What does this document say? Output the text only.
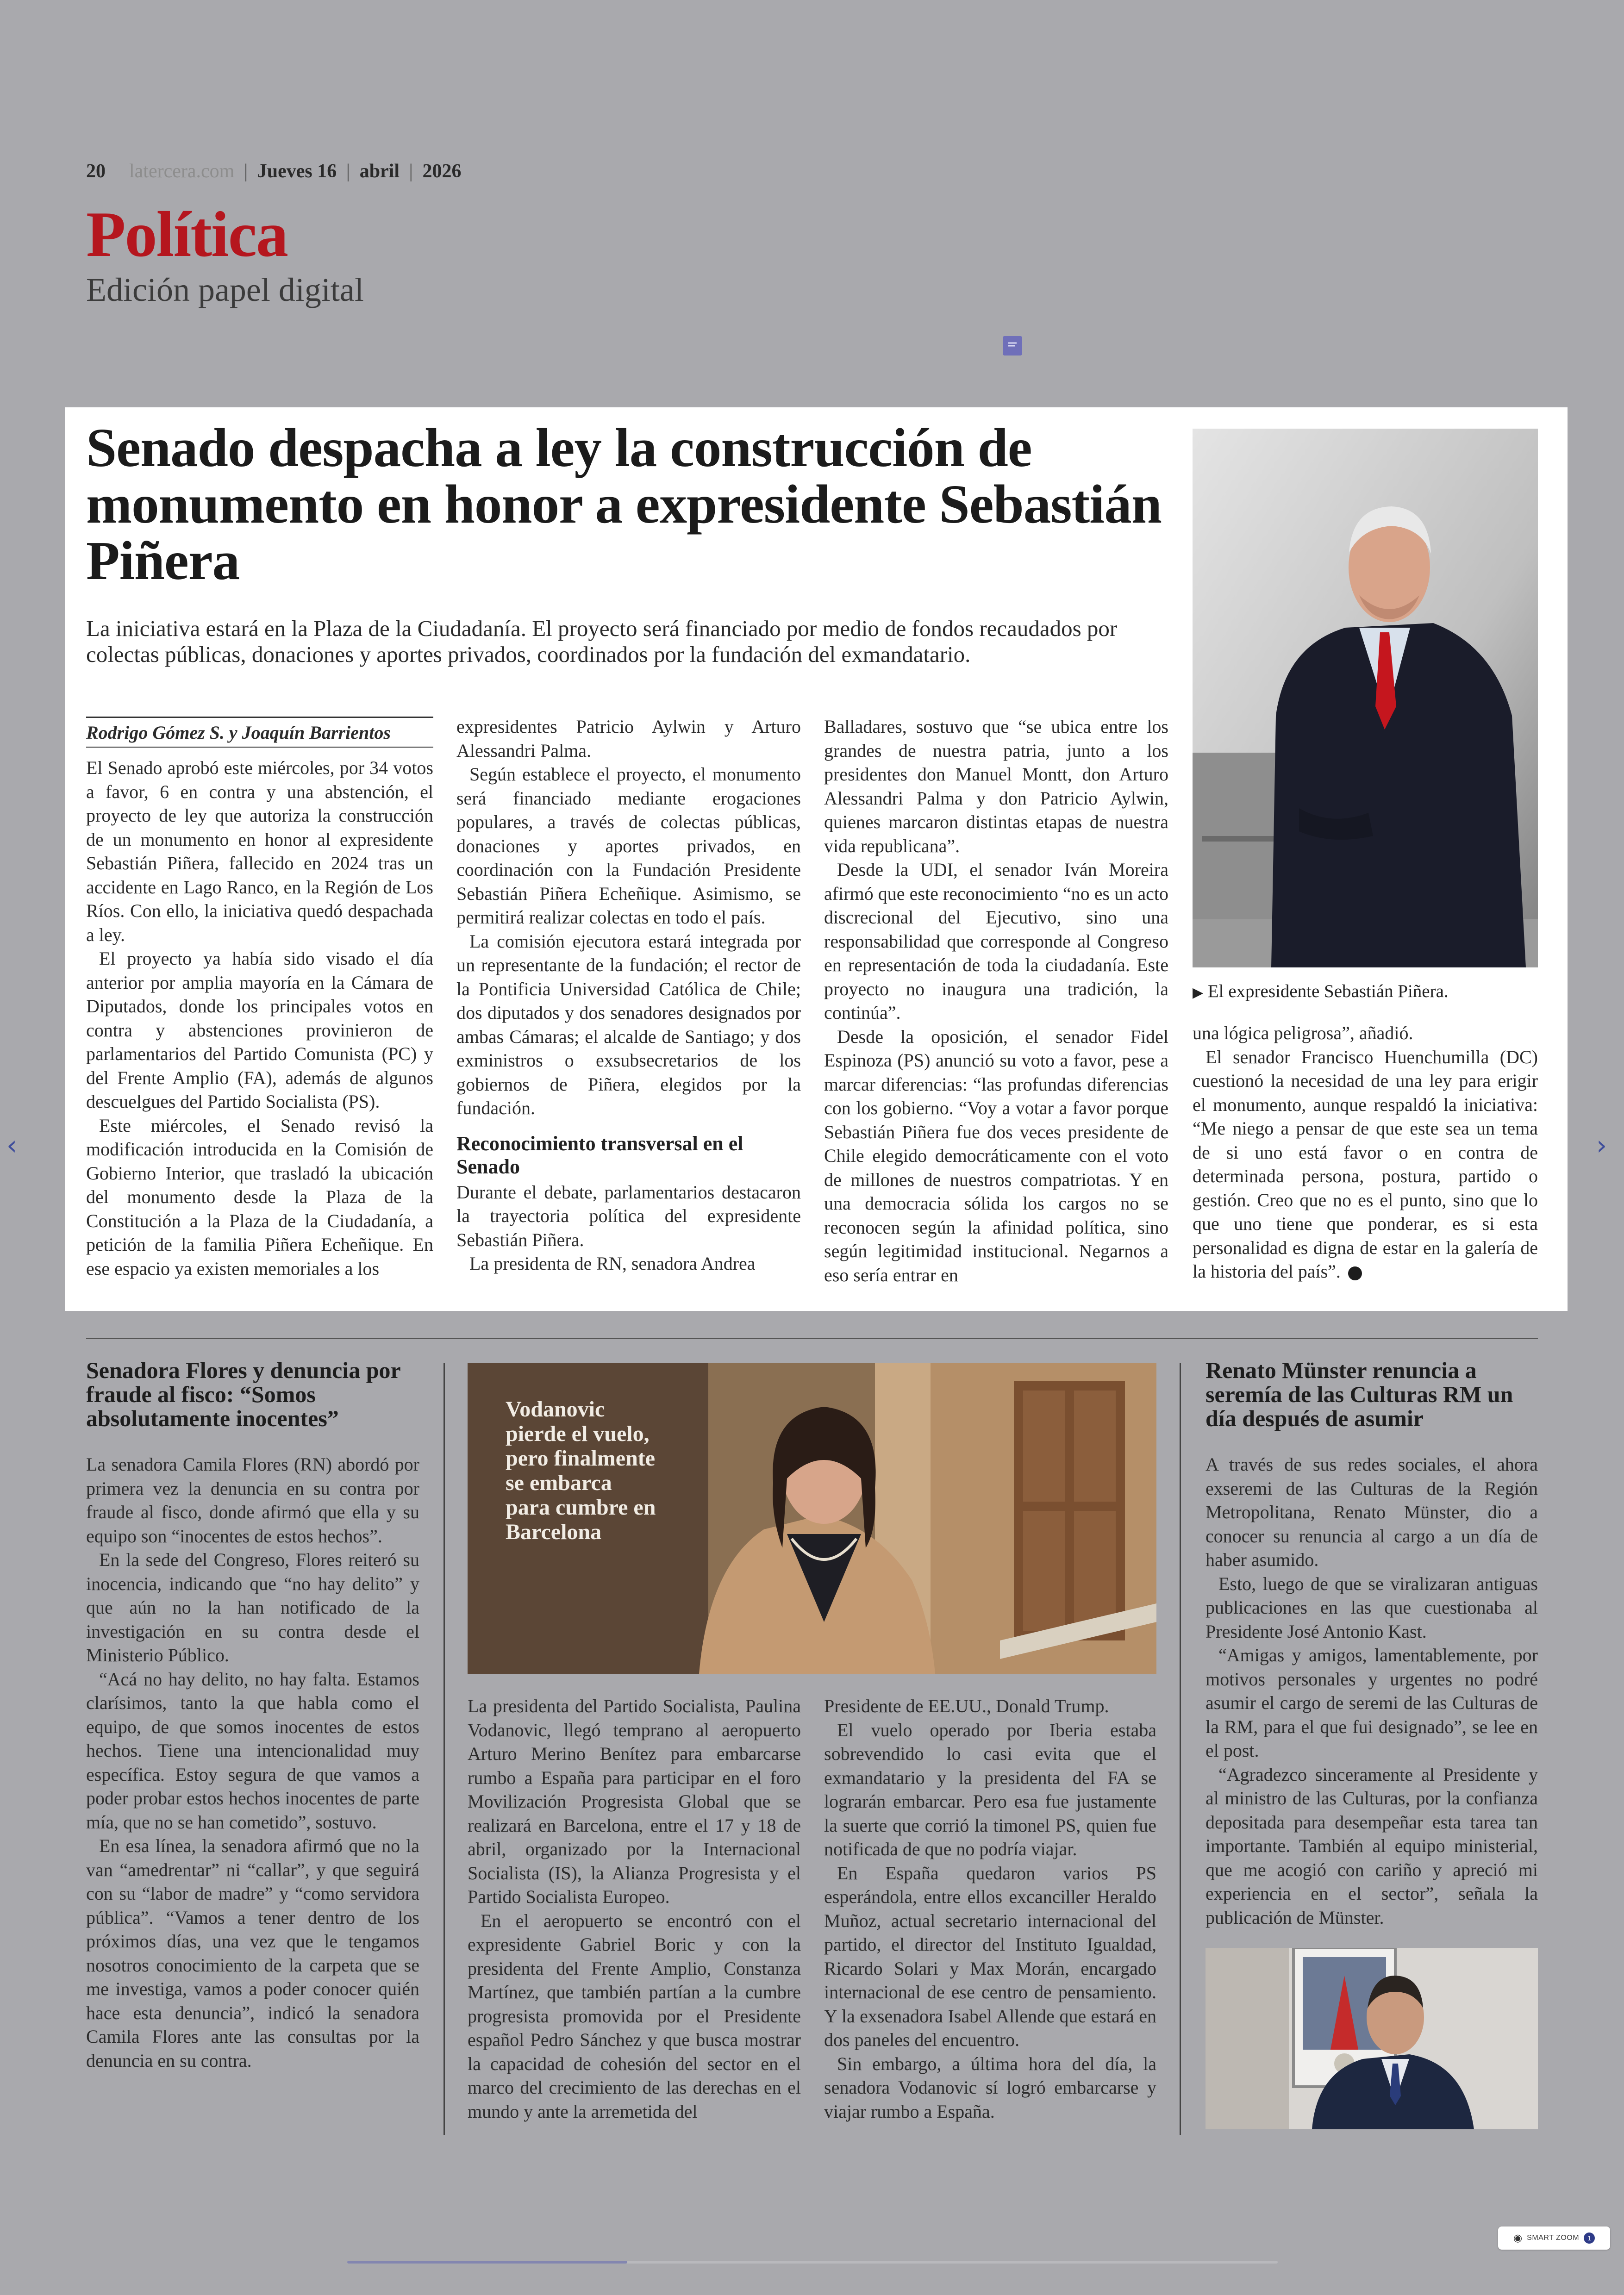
20 latercera.com | Jueves 16 | abril | 2026
Política
Edición papel digital
Senado despacha a ley la construcción de monumento en honor a expresidente Sebastián Piñera
La iniciativa estará en la Plaza de la Ciudadanía. El proyecto será financiado por medio de fondos recaudados por colectas públicas, donaciones y aportes privados, coordinados por la fundación del exmandatario.
Rodrigo Gómez S. y Joaquín Barrientos

El Senado aprobó este miércoles, por 34 votos a favor, 6 en contra y una abstención, el proyecto de ley que autoriza la construcción de un monumento en honor al expresidente Sebastián Piñera, fallecido en 2024 tras un accidente en Lago Ranco, en la Región de Los Ríos. Con ello, la iniciativa quedó despachada a ley.

El proyecto ya había sido visado el día anterior por amplia mayoría en la Cámara de Diputados, donde los principales votos en contra y abstenciones provinieron de parlamentarios del Partido Comunista (PC) y del Frente Amplio (FA), además de algunos descuelgues del Partido Socialista (PS).

Este miércoles, el Senado revisó la modificación introducida en la Comisión de Gobierno Interior, que trasladó la ubicación del monumento desde la Plaza de la Constitución a la Plaza de la Ciudadanía, a petición de la familia Piñera Echeñique. En ese espacio ya existen memoriales a los

expresidentes Patricio Aylwin y Arturo Alessandri Palma.

Según establece el proyecto, el monumento será financiado mediante erogaciones populares, a través de colectas públicas, donaciones y aportes privados, en coordinación con la Fundación Presidente Sebastián Piñera Echeñique. Asimismo, se permitirá realizar colectas en todo el país.

La comisión ejecutora estará integrada por un representante de la fundación; el rector de la Pontificia Universidad Católica de Chile; dos diputados y dos senadores designados por ambas Cámaras; el alcalde de Santiago; y dos exministros o exsubsecretarios de los gobiernos de Piñera, elegidos por la fundación.

Reconocimiento transversal en el Senado

Durante el debate, parlamentarios destacaron la trayectoria política del expresidente Sebastián Piñera.

La presidenta de RN, senadora Andrea

Balladares, sostuvo que “se ubica entre los grandes de nuestra patria, junto a los presidentes don Manuel Montt, don Arturo Alessandri Palma y don Patricio Aylwin, quienes marcaron distintas etapas de nuestra vida republicana”.

Desde la UDI, el senador Iván Moreira afirmó que este reconocimiento “no es un acto discrecional del Ejecutivo, sino una responsabilidad que corresponde al Congreso en representación de toda la ciudadanía. Este proyecto no inaugura una tradición, la continúa”.

Desde la oposición, el senador Fidel Espinoza (PS) anunció su voto a favor, pese a marcar diferencias: “las profundas diferencias con los gobierno. “Voy a votar a favor porque Sebastián Piñera fue dos veces presidente de Chile elegido democráticamente con el voto de millones de nuestros compatriotas. Y en una democracia sólida los cargos no se reconocen según la afinidad política, sino según legitimidad institucional. Negarnos a eso sería entrar en

▶ El expresidente Sebastián Piñera.

una lógica peligrosa”, añadió.

El senador Francisco Huenchumilla (DC) cuestionó la necesidad de una ley para erigir el monumento, aunque respaldó la iniciativa: “Me niego a pensar de que este sea un tema de si uno está favor o en contra de determinada persona, postura, partido o gestión. Creo que no es el punto, sino que lo que uno tiene que ponderar, es si esta personalidad es digna de estar en la galería de la historia del país”.

Senadora Flores y denuncia por fraude al fisco: “Somos absolutamente inocentes”

La senadora Camila Flores (RN) abordó por primera vez la denuncia en su contra por fraude al fisco, donde afirmó que ella y su equipo son “inocentes de estos hechos”.

En la sede del Congreso, Flores reiteró su inocencia, indicando que “no hay delito” y que aún no la han notificado de la investigación en su contra desde el Ministerio Público.

“Acá no hay delito, no hay falta. Estamos clarísimos, tanto la que habla como el equipo, de que somos inocentes de estos hechos. Tiene una intencionalidad muy específica. Estoy segura de que vamos a poder probar estos hechos inocentes de parte mía, que no se han cometido”, sostuvo.

En esa línea, la senadora afirmó que no la van “amedrentar” ni “callar”, y que seguirá con su “labor de madre” y “como servidora pública”. “Vamos a tener dentro de los próximos días, una vez que le tengamos nosotros conocimiento de la carpeta que se me investiga, vamos a poder conocer quién hace esta denuncia”, indicó la senadora Camila Flores ante las consultas por la denuncia en su contra.

Vodanovic pierde el vuelo, pero finalmente se embarca para cumbre en Barcelona

La presidenta del Partido Socialista, Paulina Vodanovic, llegó temprano al aeropuerto Arturo Merino Benítez para embarcarse rumbo a España para participar en el foro Movilización Progresista Global que se realizará en Barcelona, entre el 17 y 18 de abril, organizado por la Internacional Socialista (IS), la Alianza Progresista y el Partido Socialista Europeo.

En el aeropuerto se encontró con el expresidente Gabriel Boric y con la presidenta del Frente Amplio, Constanza Martínez, que también partían a la cumbre progresista promovida por el Presidente español Pedro Sánchez y que busca mostrar la capacidad de cohesión del sector en el marco del crecimiento de las derechas en el mundo y ante la arremetida del

Presidente de EE.UU., Donald Trump.

El vuelo operado por Iberia estaba sobrevendido lo casi evita que el exmandatario y la presidenta del FA se lograrán embarcar. Pero esa fue justamente la suerte que corrió la timonel PS, quien fue notificada de que no podría viajar.

En España quedaron varios PS esperándola, entre ellos excanciller Heraldo Muñoz, actual secretario internacional del partido, el director del Instituto Igualdad, Ricardo Solari y Max Morán, encargado internacional de ese centro de pensamiento. Y la exsenadora Isabel Allende que estará en dos paneles del encuentro.

Sin embargo, a última hora del día, la senadora Vodanovic sí logró embarcarse y viajar rumbo a España.

Renato Münster renuncia a seremía de las Culturas RM un día después de asumir

A través de sus redes sociales, el ahora exseremi de las Culturas de la Región Metropolitana, Renato Münster, dio a conocer su renuncia al cargo a un día de haber asumido.

Esto, luego de que se viralizaran antiguas publicaciones en las que cuestionaba al Presidente José Antonio Kast.

“Amigas y amigos, lamentablemente, por motivos personales y urgentes no podré asumir el cargo de seremi de las Culturas de la RM, para el que fui designado”, se lee en el post.

“Agradezco sinceramente al Presidente y al ministro de las Culturas, por la confianza depositada para desempeñar esta tarea tan importante. También al equipo ministerial, que me acogió con cariño y apreció mi experiencia en el sector”, señala la publicación de Münster.

‹	›
◉ SMART ZOOM	1
